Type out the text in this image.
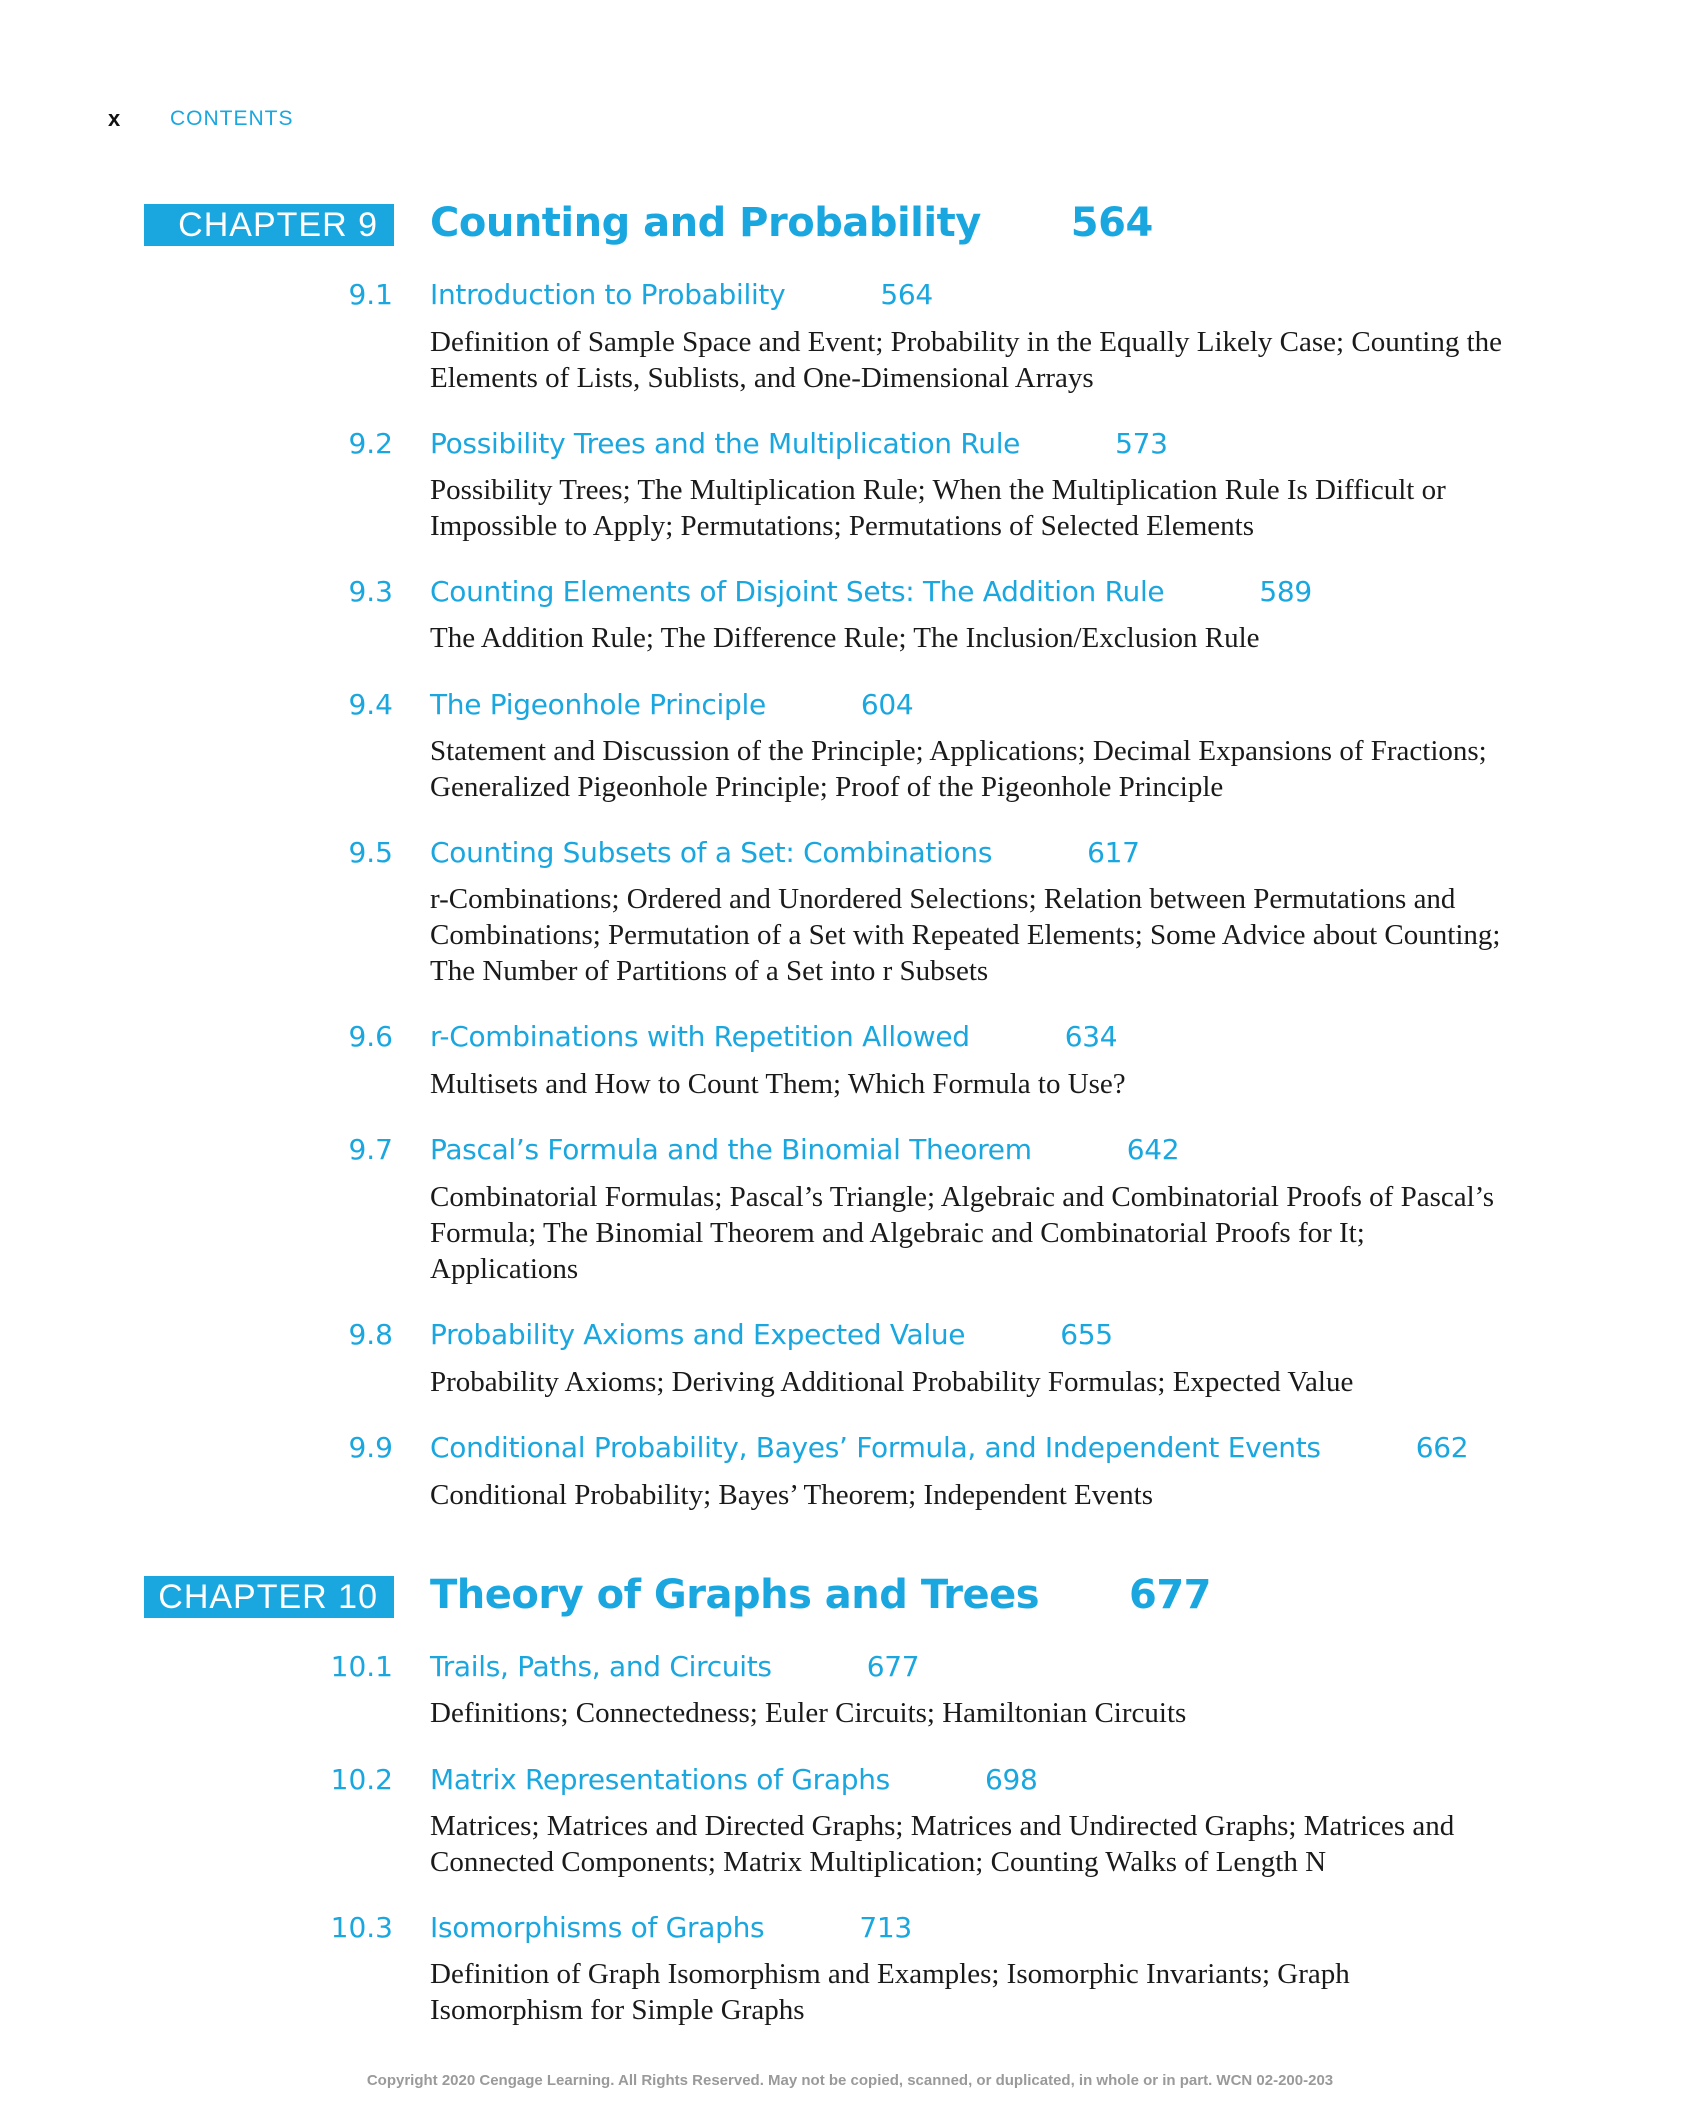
x	CONTENTS
CHAPTER 9	Counting and Probability 564
9.1 Introduction to Probability	564
Definition of Sample Space and Event; Probability in the Equally Likely Case; Counting the Elements of Lists, Sublists, and One-Dimensional Arrays
9.2 Possibility Trees and the Multiplication Rule	573
Possibility Trees; The Multiplication Rule; When the Multiplication Rule Is Difficult or Impossible to Apply; Permutations; Permutations of Selected Elements
9.3 Counting Elements of Disjoint Sets: The Addition Rule	589
The Addition Rule; The Difference Rule; The Inclusion/Exclusion Rule
9.4 The Pigeonhole Principle	604
Statement and Discussion of the Principle; Applications; Decimal Expansions of Fractions; Generalized Pigeonhole Principle; Proof of the Pigeonhole Principle
9.5 Counting Subsets of a Set: Combinations	617
r-Combinations; Ordered and Unordered Selections; Relation between Permutations and Combinations; Permutation of a Set with Repeated Elements; Some Advice about Counting; The Number of Partitions of a Set into r Subsets
9.6 r-Combinations with Repetition Allowed	634
Multisets and How to Count Them; Which Formula to Use?
9.7 Pascal’s Formula and the Binomial Theorem	642
Combinatorial Formulas; Pascal’s Triangle; Algebraic and Combinatorial Proofs of Pascal’s Formula; The Binomial Theorem and Algebraic and Combinatorial Proofs for It; Applications
9.8 Probability Axioms and Expected Value	655
Probability Axioms; Deriving Additional Probability Formulas; Expected Value
9.9 Conditional Probability, Bayes’ Formula, and Independent Events	662
Conditional Probability; Bayes’ Theorem; Independent Events
CHAPTER 10	Theory of Graphs and Trees 677
10.1 Trails, Paths, and Circuits	677
Definitions; Connectedness; Euler Circuits; Hamiltonian Circuits
10.2 Matrix Representations of Graphs	698
Matrices; Matrices and Directed Graphs; Matrices and Undirected Graphs; Matrices and Connected Components; Matrix Multiplication; Counting Walks of Length N
10.3 Isomorphisms of Graphs	713
Definition of Graph Isomorphism and Examples; Isomorphic Invariants; Graph Isomorphism for Simple Graphs
Copyright 2020 Cengage Learning. All Rights Reserved. May not be copied, scanned, or duplicated, in whole or in part. WCN 02-200-203
